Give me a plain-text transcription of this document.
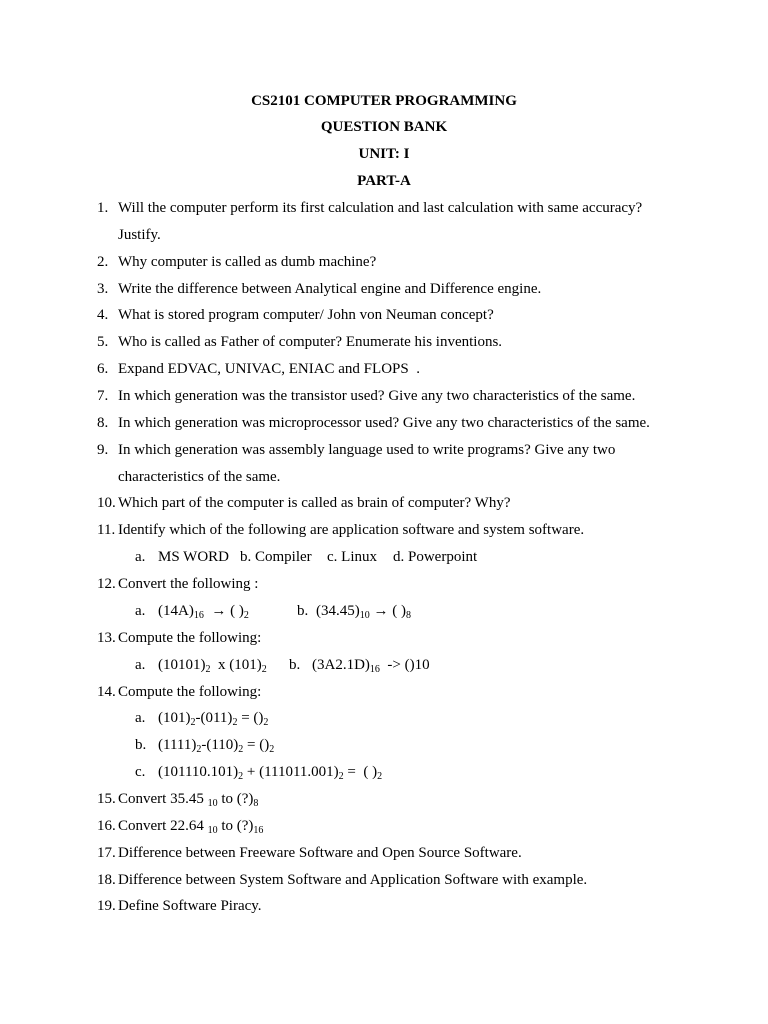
CS2101 COMPUTER PROGRAMMING
QUESTION BANK
UNIT: I
PART-A
1. Will the computer perform its first calculation and last calculation with same accuracy?
Justify.
2. Why computer is called as dumb machine?
3. Write the difference between Analytical engine and Difference engine.
4. What is stored program computer/ John von Neuman concept?
5. Who is called as Father of computer? Enumerate his inventions.
6. Expand EDVAC, UNIVAC, ENIAC and FLOPS  .
7. In which generation was the transistor used? Give any two characteristics of the same.
8. In which generation was microprocessor used? Give any two characteristics of the same.
9. In which generation was assembly language used to write programs? Give any two
characteristics of the same.
10. Which part of the computer is called as brain of computer? Why?
11. Identify which of the following are application software and system software.
a. MS WORD b. Compiler c. Linux d. Powerpoint
12. Convert the following :
a. $(14A)_{16}$  → ( )$_2$	b. $(34.45)_{10}$ → ( )$_8$
13. Compute the following:
a. $(10101)_2$  x $(101)_2$ b. $(3A2.1D)_{16} -> ()10$
14. Compute the following:
a. $(101)_2-(011)_2 = ()_2$
b. $(1111)_2-(110)_2 = ()_2$
c. $(101110.101)_2 + (111011.001)_2$ =  ( )$_2$
15. Convert 35.45 $_{10}$ to $(?)_8$
16. Convert 22.64 $_{10}$ to $(?)_{16}$
17. Difference between Freeware Software and Open Source Software.
18. Difference between System Software and Application Software with example.
19. Define Software Piracy.
